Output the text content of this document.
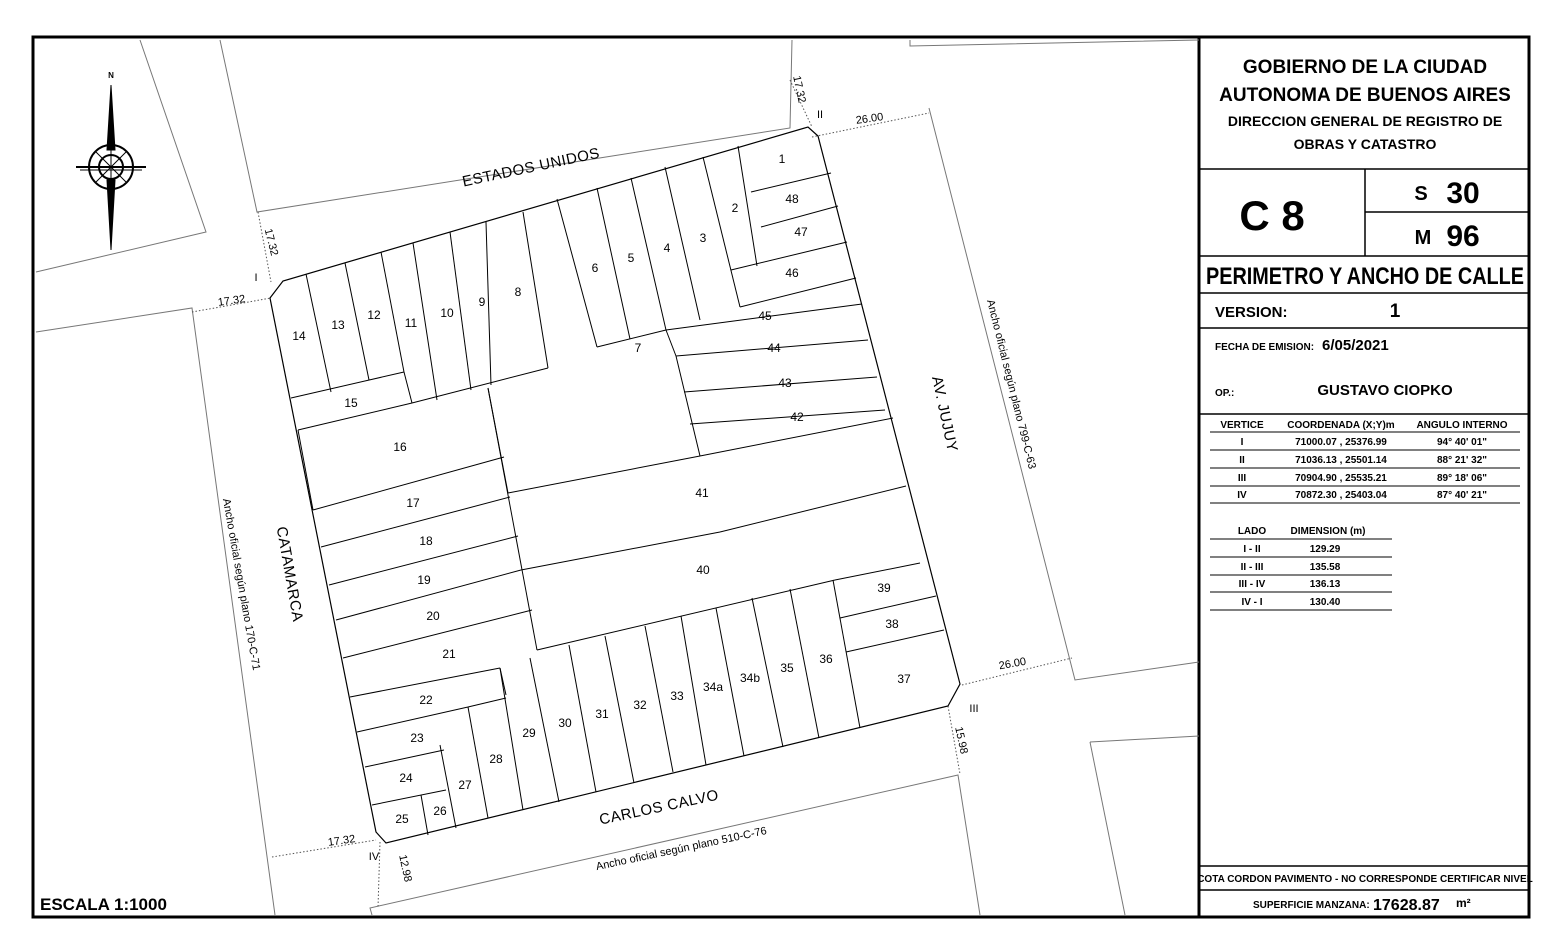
N
ESTADOS UNIDOS
CATAMARCA
CARLOS CALVO
AV. JUJUY
Ancho oficial según plano 170-C-71
Ancho oficial según plano 510-C-76
Ancho oficial según plano 799-C-63
I
II
III
IV
17.32
17.32
17.32
26.00
26.00
15.98
17.32
12.98
1
2
3
4
5
6
7
8
9
10
11
12
13
14
15
16
17
18
19
20
21
22
23
24
25
26
27
28
29
30
31
32
33
34a
34b
35
36
37
38
39
40
41
42
43
44
45
46
47
48
ESCALA 1:1000
GOBIERNO DE LA CIUDAD
AUTONOMA DE BUENOS AIRES
DIRECCION GENERAL DE REGISTRO DE
OBRAS Y CATASTRO
C 8	S 30
M 96
PERIMETRO Y ANCHO DE CALLE
VERSION:	1
FECHA DE EMISION: 6/05/2021
OP.:	GUSTAVO CIOPKO
VERTICE COORDENADA (X;Y)m ANGULO INTERNO
I	71000.07 , 25376.99	94° 40' 01"
II	71036.13 , 25501.14	88° 21' 32"
III	70904.90 , 25535.21	89° 18' 06"
IV	70872.30 , 25403.04	87° 40' 21"
LADO DIMENSION (m)
I - II	129.29
II - III	135.58
III - IV	136.13
IV - I	130.40
COTA CORDON PAVIMENTO - NO CORRESPONDE CERTIFICAR NIVEL
SUPERFICIE MANZANA: 17628.87 m²
